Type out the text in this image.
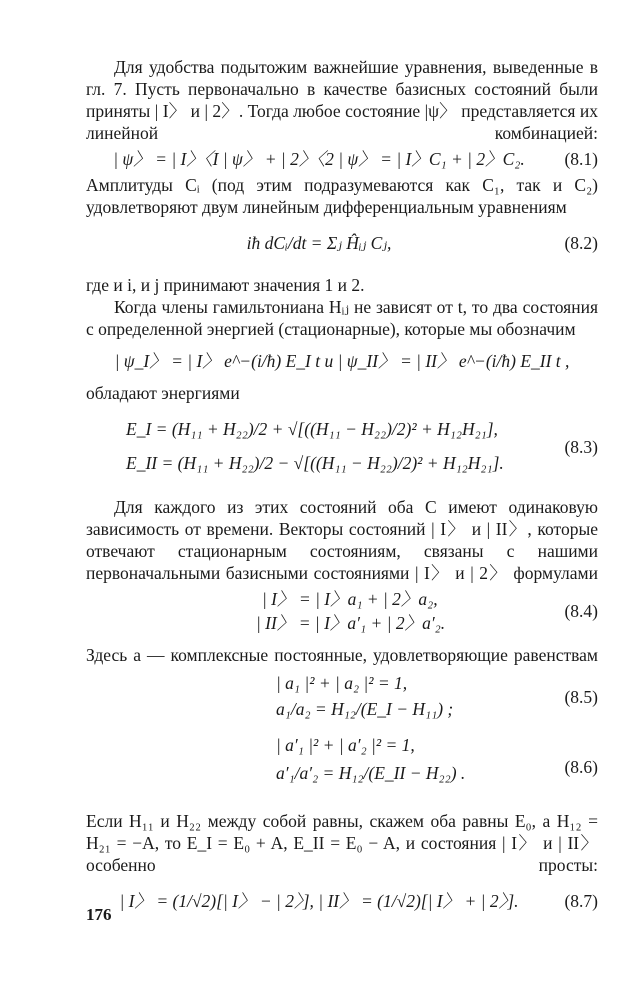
Для удобства подытожим важнейшие уравнения, выведенные в гл. 7. Пусть первоначально в качестве базисных состояний были приняты | I〉 и | 2〉. Тогда любое состояние |ψ〉 представляется их линейной комбинацией:

| ψ〉 = | I〉〈I | ψ〉 + | 2〉〈2 | ψ〉 = | I〉C₁ + | 2〉C₂.	(8.1)

Амплитуды Cᵢ (под этим подразумеваются как C₁, так и C₂) удовлетворяют двум линейным дифференциальным уравнениям

iħ dCᵢ/dt = Σⱼ Ĥᵢⱼ Cⱼ,	(8.2)

где и i, и j принимают значения 1 и 2.

Когда члены гамильтониана Hᵢⱼ не зависят от t, то два состояния с определенной энергией (стационарные), которые мы обозначим

| ψ_I〉 = | I〉 e^−(i/ħ) E_I t и | ψ_II〉 = | II〉 e^−(i/ħ) E_II t ,

обладают энергиями

E_I = (H₁₁ + H₂₂)/2 + √[((H₁₁ − H₂₂)/2)² + H₁₂H₂₁],
E_II = (H₁₁ + H₂₂)/2 − √[((H₁₁ − H₂₂)/2)² + H₁₂H₂₁].
(8.3)

Для каждого из этих состояний оба C имеют одинаковую зависимость от времени. Векторы состояний | I〉 и | II〉, которые отвечают стационарным состояниям, связаны с нашими первоначальными базисными состояниями | I〉 и | 2〉 формулами

| I〉 = | I〉a₁ + | 2〉a₂,
| II〉 = | I〉a′₁ + | 2〉a′₂.
(8.4)

Здесь a — комплексные постоянные, удовлетворяющие равенствам

| a₁ |² + | a₂ |² = 1,
a₁/a₂ = H₁₂/(E_I − H₁₁) ;
(8.5)
| a′₁ |² + | a′₂ |² = 1,
a′₁/a′₂ = H₁₂/(E_II − H₂₂) .	(8.6)

Если H₁₁ и H₂₂ между собой равны, скажем оба равны E₀, а H₁₂ = H₂₁ = −A, то E_I = E₀ + A, E_II = E₀ − A, и состояния | I〉 и | II〉 особенно просты:

| I〉 = (1/√2)[| I〉 − | 2〉], | II〉 = (1/√2)[| I〉 + | 2〉].	(8.7)
176
